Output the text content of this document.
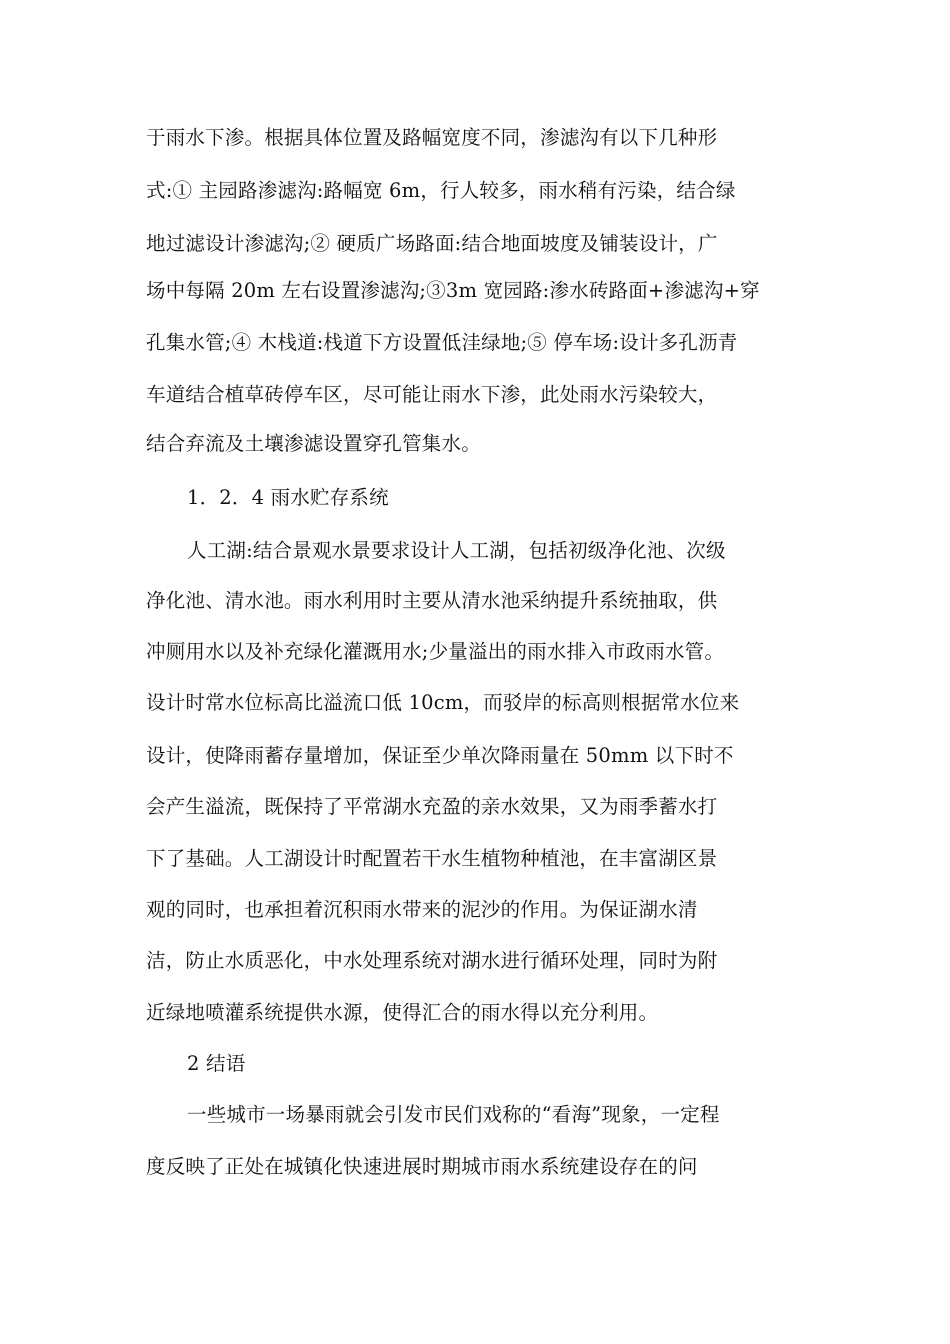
于雨水下渗。根据具体位置及路幅宽度不同，渗滤沟有以下几种形
式:① 主园路渗滤沟:路幅宽 6m，行人较多，雨水稍有污染，结合绿
地过滤设计渗滤沟;② 硬质广场路面:结合地面坡度及铺装设计，广
场中每隔 20m 左右设置渗滤沟;③3m 宽园路:渗水砖路面+渗滤沟+穿
孔集水管;④ 木栈道:栈道下方设置低洼绿地;⑤ 停车场:设计多孔沥青
车道结合植草砖停车区，尽可能让雨水下渗，此处雨水污染较大，
结合弃流及土壤渗滤设置穿孔管集水。
1．2．4 雨水贮存系统
人工湖:结合景观水景要求设计人工湖，包括初级净化池、次级
净化池、清水池。雨水利用时主要从清水池采纳提升系统抽取，供
冲厕用水以及补充绿化灌溉用水;少量溢出的雨水排入市政雨水管。
设计时常水位标高比溢流口低 10cm，而驳岸的标高则根据常水位来
设计，使降雨蓄存量增加，保证至少单次降雨量在 50mm 以下时不
会产生溢流，既保持了平常湖水充盈的亲水效果，又为雨季蓄水打
下了基础。人工湖设计时配置若干水生植物种植池，在丰富湖区景
观的同时，也承担着沉积雨水带来的泥沙的作用。为保证湖水清
洁，防止水质恶化，中水处理系统对湖水进行循环处理，同时为附
近绿地喷灌系统提供水源，使得汇合的雨水得以充分利用。
2 结语
一些城市一场暴雨就会引发市民们戏称的“看海”现象，一定程
度反映了正处在城镇化快速进展时期城市雨水系统建设存在的问
